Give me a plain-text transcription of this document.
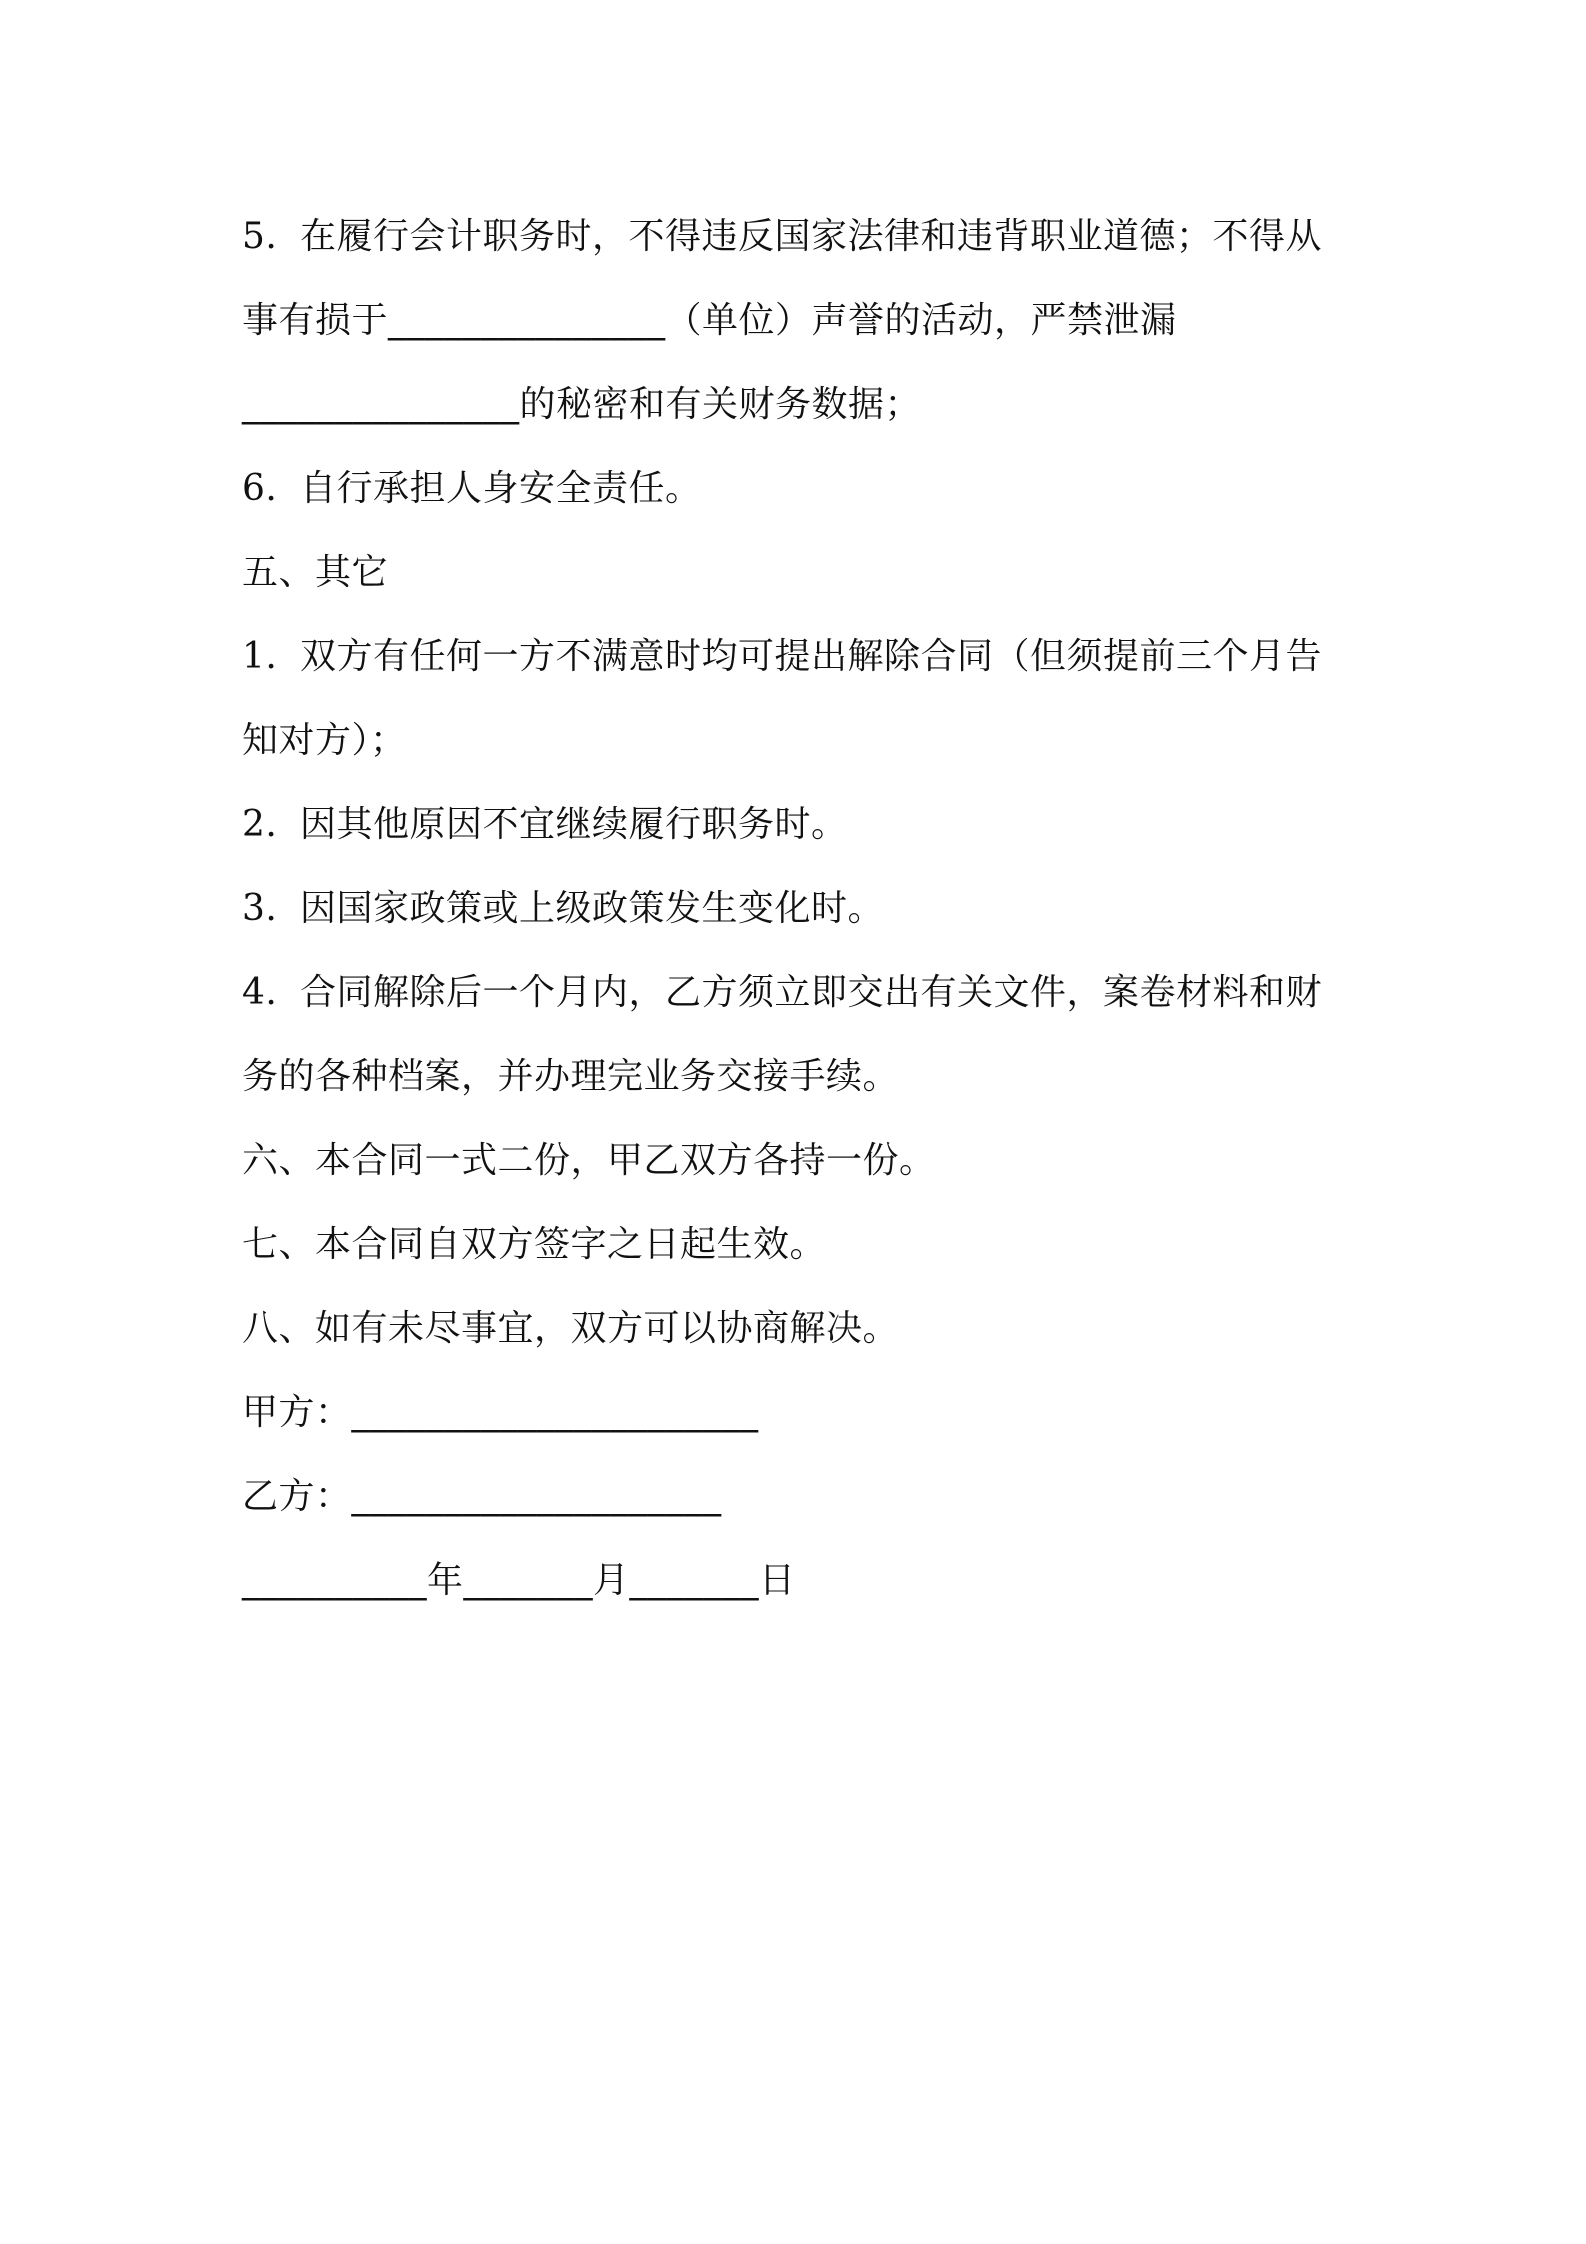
5. 在履行会计职务时，不得违反国家法律和违背职业道德；不得从
事有损于_______________（单位）声誉的活动，严禁泄漏
_______________的秘密和有关财务数据；
6. 自行承担人身安全责任。
五、其它
1. 双方有任何一方不满意时均可提出解除合同（但须提前三个月告
知对方）；
2. 因其他原因不宜继续履行职务时。
3. 因国家政策或上级政策发生变化时。
4. 合同解除后一个月内，乙方须立即交出有关文件，案卷材料和财
务的各种档案，并办理完业务交接手续。
六、本合同一式二份，甲乙双方各持一份。
七、本合同自双方签字之日起生效。
八、如有未尽事宜，双方可以协商解决。
甲方：______________________
乙方：____________________
__________年_______月_______日
